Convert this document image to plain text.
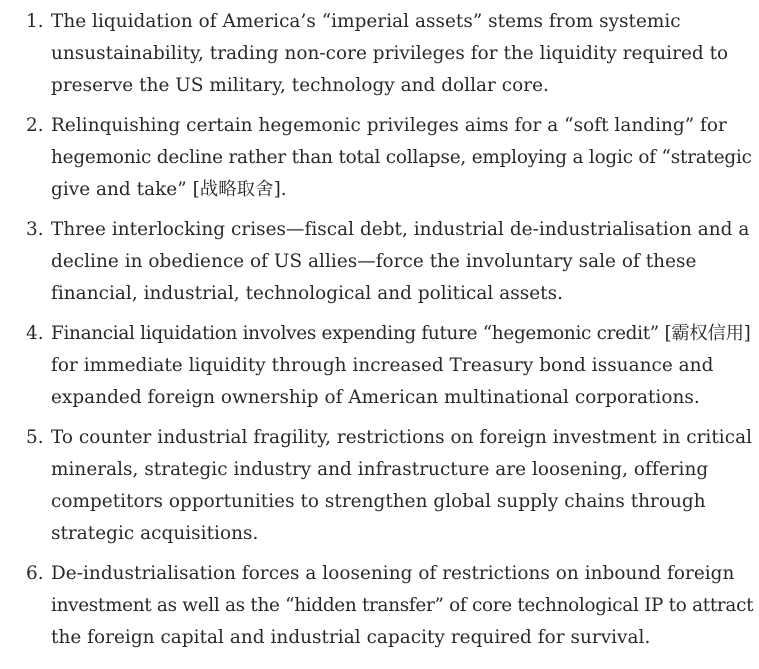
1. The liquidation of America’s “imperial assets” stems from systemic
unsustainability, trading non-core privileges for the liquidity required to
preserve the US military, technology and dollar core.
2. Relinquishing certain hegemonic privileges aims for a “soft landing” for
hegemonic decline rather than total collapse, employing a logic of “strategic
give and take” [战略取舍].
3. Three interlocking crises—fiscal debt, industrial de-industrialisation and a
decline in obedience of US allies—force the involuntary sale of these
financial, industrial, technological and political assets.
4. Financial liquidation involves expending future “hegemonic credit” [霸权信用]
for immediate liquidity through increased Treasury bond issuance and
expanded foreign ownership of American multinational corporations.
5. To counter industrial fragility, restrictions on foreign investment in critical
minerals, strategic industry and infrastructure are loosening, offering
competitors opportunities to strengthen global supply chains through
strategic acquisitions.
6. De-industrialisation forces a loosening of restrictions on inbound foreign
investment as well as the “hidden transfer” of core technological IP to attract
the foreign capital and industrial capacity required for survival.
